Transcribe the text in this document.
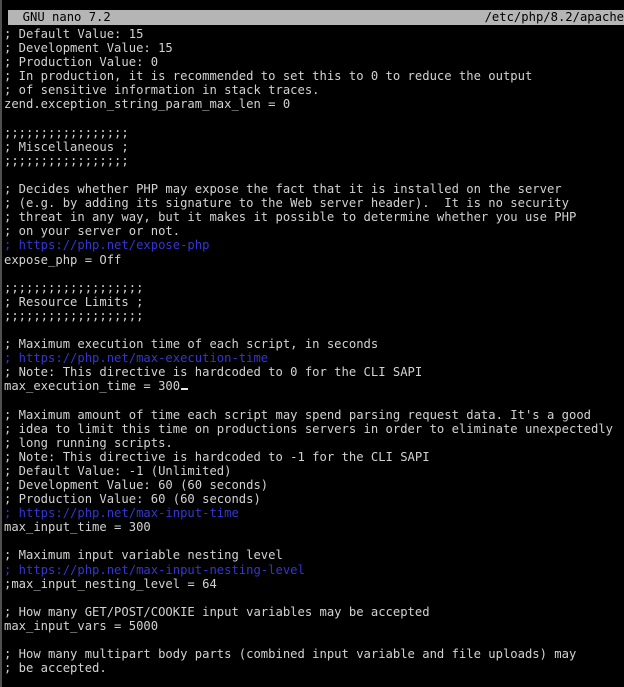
GNU nano 7.2	/etc/php/8.2/apache
; Default Value: 15
; Development Value: 15
; Production Value: 0
; In production, it is recommended to set this to 0 to reduce the output
; of sensitive information in stack traces.
zend.exception_string_param_max_len = 0

;;;;;;;;;;;;;;;;;
; Miscellaneous ;
;;;;;;;;;;;;;;;;;

; Decides whether PHP may expose the fact that it is installed on the server
; (e.g. by adding its signature to the Web server header).  It is no security
; threat in any way, but it makes it possible to determine whether you use PHP
; on your server or not.
; https://php.net/expose-php
expose_php = Off

;;;;;;;;;;;;;;;;;;;
; Resource Limits ;
;;;;;;;;;;;;;;;;;;;

; Maximum execution time of each script, in seconds
; https://php.net/max-execution-time
; Note: This directive is hardcoded to 0 for the CLI SAPI
max_execution_time = 300

; Maximum amount of time each script may spend parsing request data. It's a good
; idea to limit this time on productions servers in order to eliminate unexpectedly
; long running scripts.
; Note: This directive is hardcoded to -1 for the CLI SAPI
; Default Value: -1 (Unlimited)
; Development Value: 60 (60 seconds)
; Production Value: 60 (60 seconds)
; https://php.net/max-input-time
max_input_time = 300

; Maximum input variable nesting level
; https://php.net/max-input-nesting-level
;max_input_nesting_level = 64

; How many GET/POST/COOKIE input variables may be accepted
max_input_vars = 5000

; How many multipart body parts (combined input variable and file uploads) may
; be accepted.
